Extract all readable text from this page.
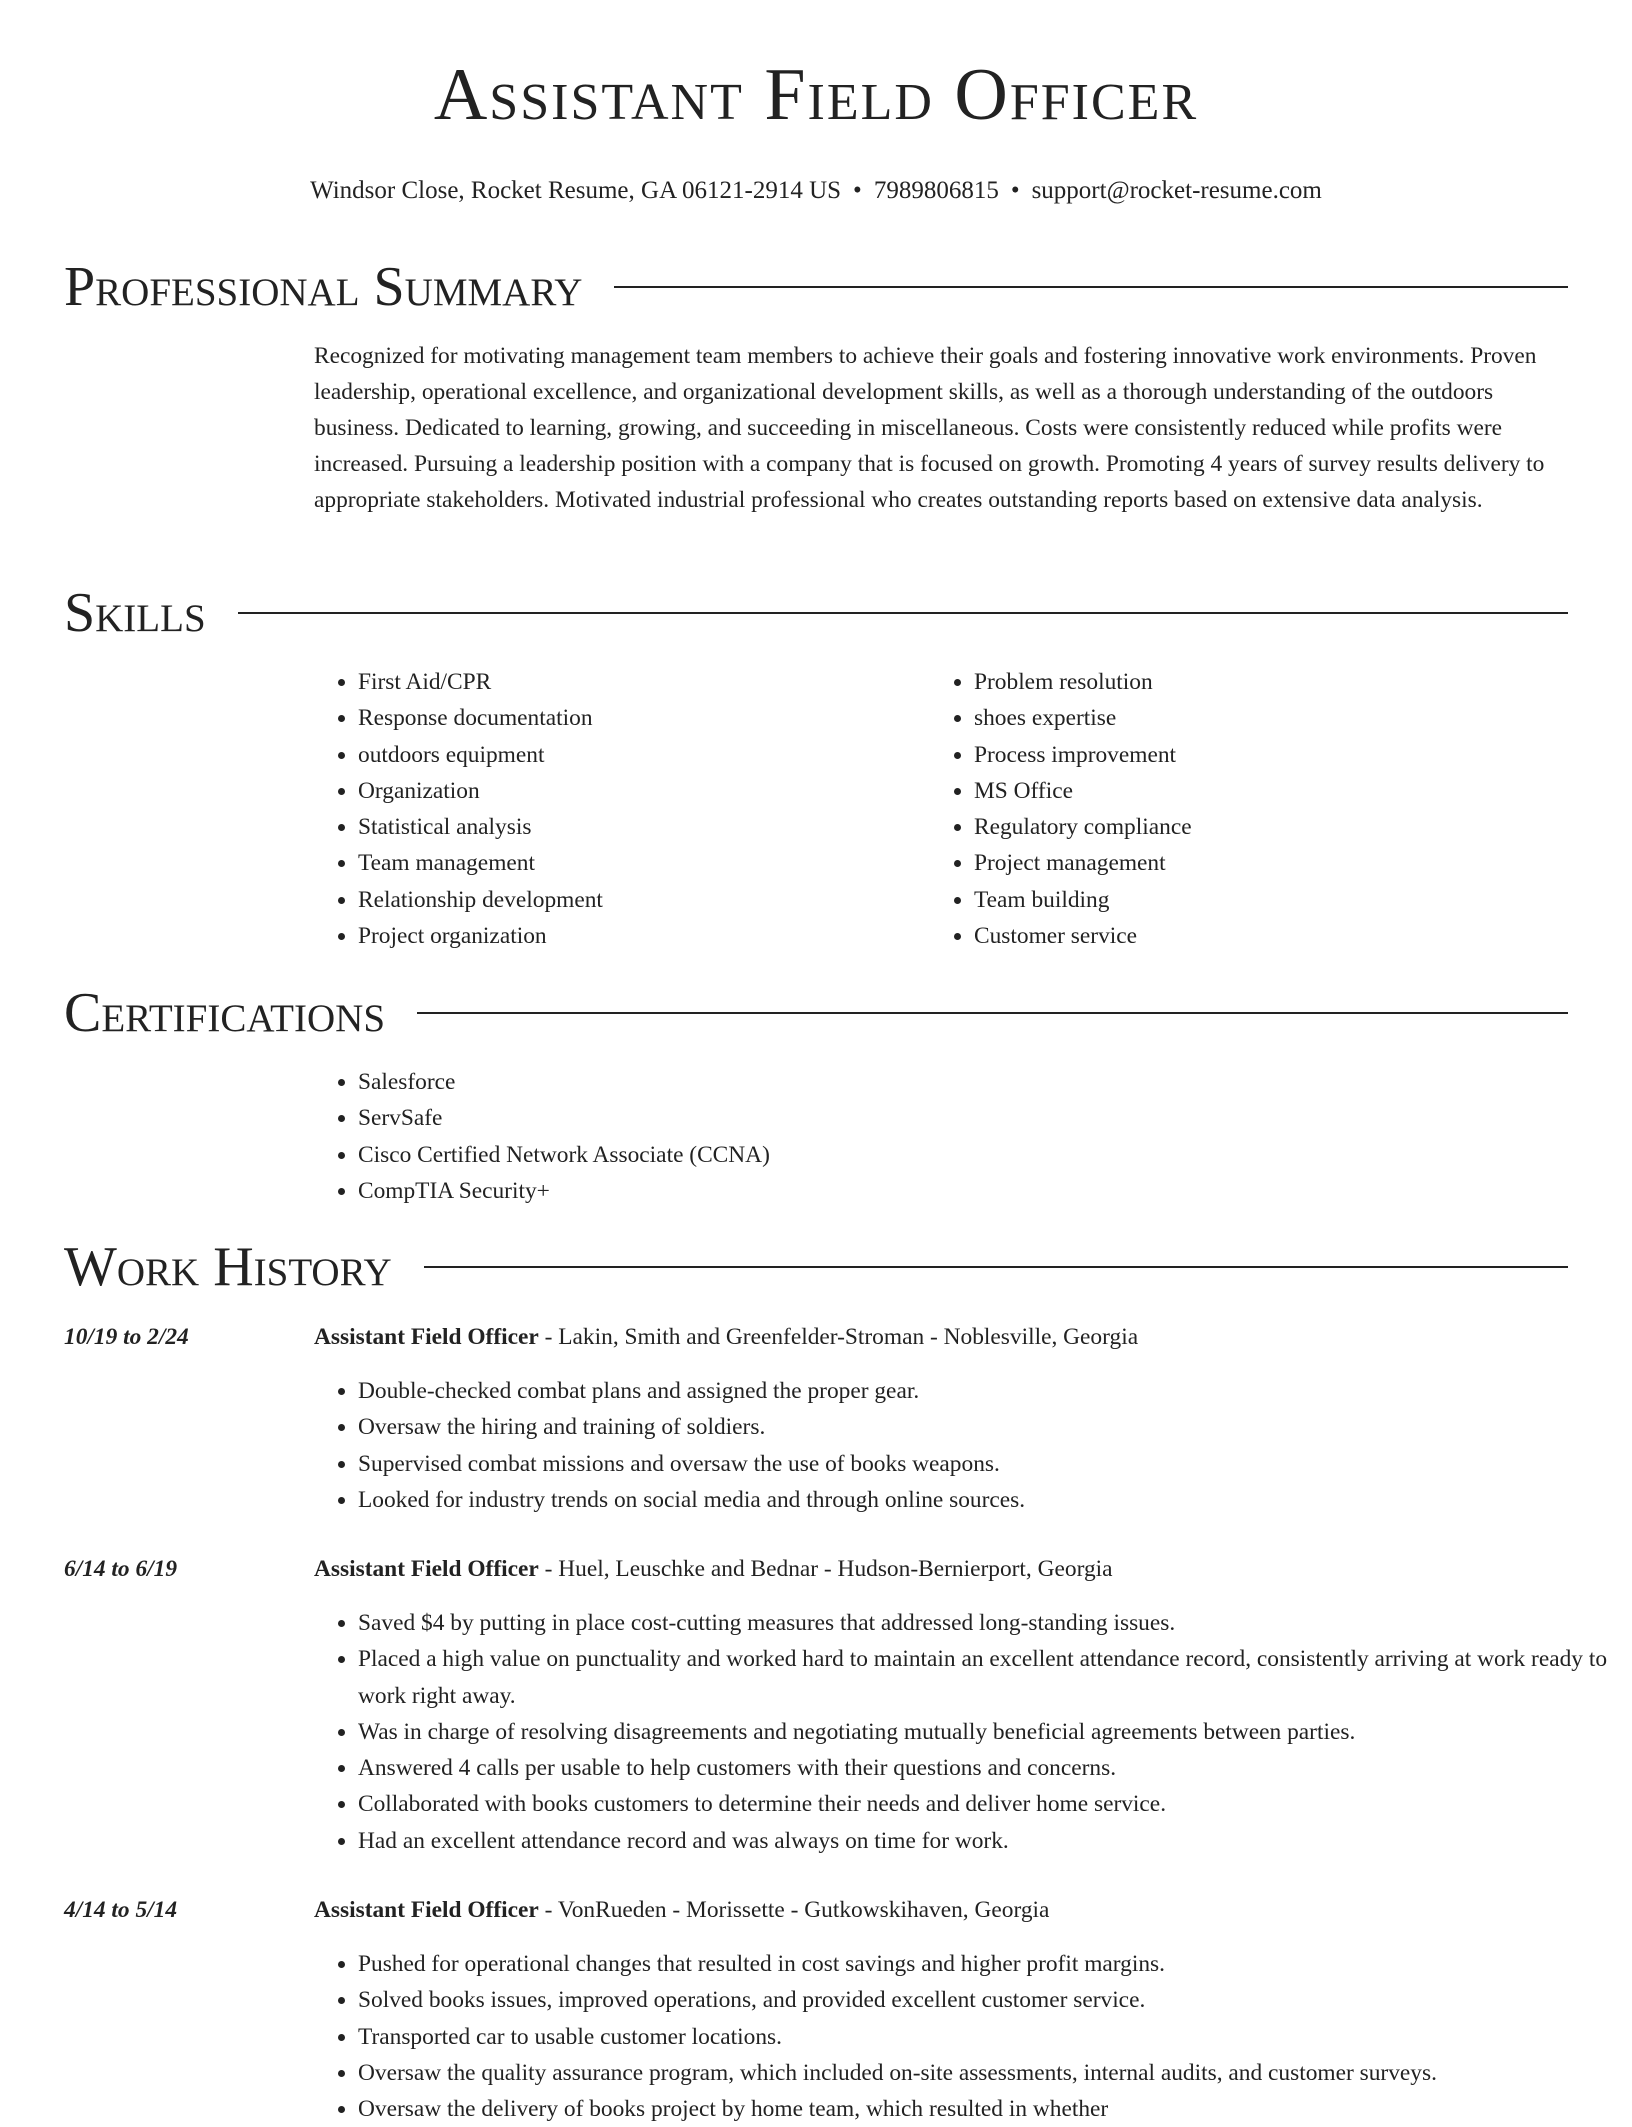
Assistant Field Officer
Windsor Close, Rocket Resume, GA 06121-2914 US • 7989806815 • support@rocket-resume.com
Professional Summary

Recognized for motivating management team members to achieve their goals and fostering innovative work environments. Proven leadership, operational excellence, and organizational development skills, as well as a thorough understanding of the outdoors business. Dedicated to learning, growing, and succeeding in miscellaneous. Costs were consistently reduced while profits were increased. Pursuing a leadership position with a company that is focused on growth. Promoting 4 years of survey results delivery to appropriate stakeholders. Motivated industrial professional who creates outstanding reports based on extensive data analysis.

Skills
• First Aid/CPR
• Response documentation
• outdoors equipment
• Organization
• Statistical analysis
• Team management
• Relationship development
• Project organization
• Problem resolution
• shoes expertise
• Process improvement
• MS Office
• Regulatory compliance
• Project management
• Team building
• Customer service
Certifications
• Salesforce
• ServSafe
• Cisco Certified Network Associate (CCNA)
• CompTIA Security+
Work History
10/19 to 2/24	Assistant Field Officer - Lakin, Smith and Greenfelder-Stroman - Noblesville, Georgia
• Double-checked combat plans and assigned the proper gear.
• Oversaw the hiring and training of soldiers.
• Supervised combat missions and oversaw the use of books weapons.
• Looked for industry trends on social media and through online sources.
6/14 to 6/19	Assistant Field Officer - Huel, Leuschke and Bednar - Hudson-Bernierport, Georgia
• Saved $4 by putting in place cost-cutting measures that addressed long-standing issues.
• Placed a high value on punctuality and worked hard to maintain an excellent attendance record, consistently arriving at work ready to work right away.
• Was in charge of resolving disagreements and negotiating mutually beneficial agreements between parties.
• Answered 4 calls per usable to help customers with their questions and concerns.
• Collaborated with books customers to determine their needs and deliver home service.
• Had an excellent attendance record and was always on time for work.
4/14 to 5/14	Assistant Field Officer - VonRueden - Morissette - Gutkowskihaven, Georgia
• Pushed for operational changes that resulted in cost savings and higher profit margins.
• Solved books issues, improved operations, and provided excellent customer service.
• Transported car to usable customer locations.
• Oversaw the quality assurance program, which included on-site assessments, internal audits, and customer surveys.
• Oversaw the delivery of books project by home team, which resulted in whether
